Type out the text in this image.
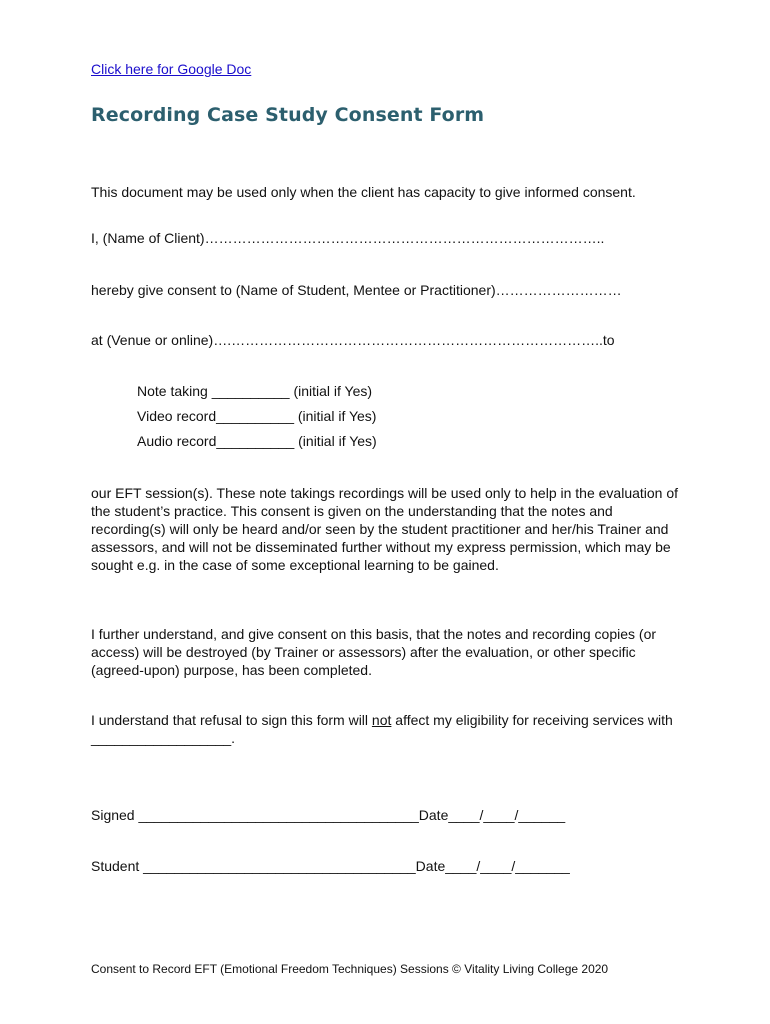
Click here for Google Doc
Recording Case Study Consent Form
This document may be used only when the client has capacity to give informed consent.
I, (Name of Client)…………………………………………………………………………..
hereby give consent to (Name of Student, Mentee or Practitioner)………………………
at (Venue or online)….……………………………………………………………………..to
Note taking __________ (initial if Yes)
Video record__________ (initial if Yes)
Audio record__________ (initial if Yes)
our EFT session(s). These note takings recordings will be used only to help in the evaluation of the student’s practice. This consent is given on the understanding that the notes and recording(s) will only be heard and/or seen by the student practitioner and her/his Trainer and assessors, and will not be disseminated further without my express permission, which may be sought e.g. in the case of some exceptional learning to be gained.
I further understand, and give consent on this basis, that the notes and recording copies (or access) will be destroyed (by Trainer or assessors) after the evaluation, or other specific (agreed-upon) purpose, has been completed.
I understand that refusal to sign this form will not affect my eligibility for receiving services with __________________.
Signed ____________________________________Date____/____/______
Student ___________________________________Date____/____/_______
Consent to Record EFT (Emotional Freedom Techniques) Sessions © Vitality Living College 2020
